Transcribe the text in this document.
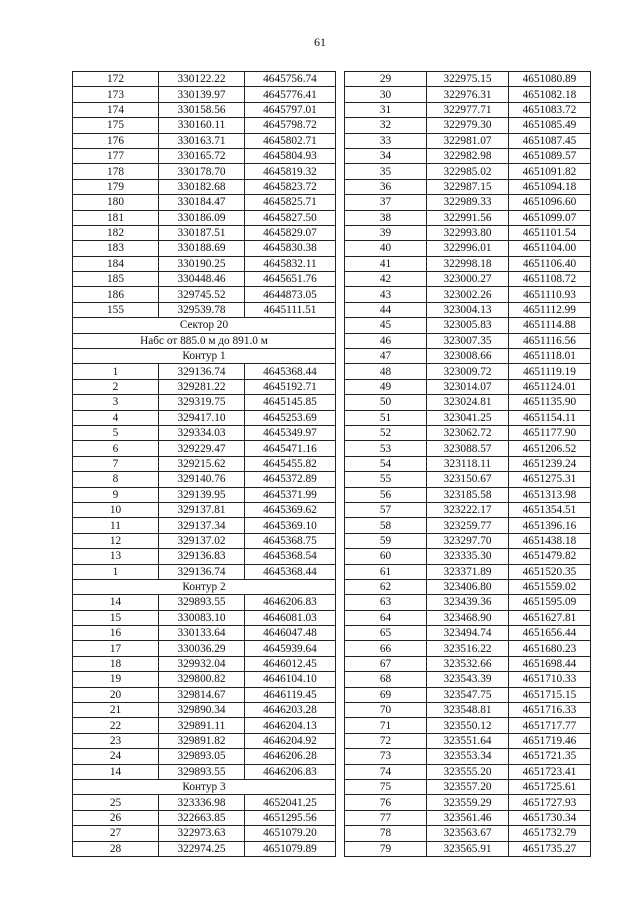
61
172	330122.22	4645756.74
173	330139.97	4645776.41
174	330158.56	4645797.01
175	330160.11	4645798.72
176	330163.71	4645802.71
177	330165.72	4645804.93
178	330178.70	4645819.32
179	330182.68	4645823.72
180	330184.47	4645825.71
181	330186.09	4645827.50
182	330187.51	4645829.07
183	330188.69	4645830.38
184	330190.25	4645832.11
185	330448.46	4645651.76
186	329745.52	4644873.05
155	329539.78	4645111.51
Сектор 20		
Набс от 885.0 м до 891.0 м		
Контур 1		
1	329136.74	4645368.44
2	329281.22	4645192.71
3	329319.75	4645145.85
4	329417.10	4645253.69
5	329334.03	4645349.97
6	329229.47	4645471.16
7	329215.62	4645455.82
8	329140.76	4645372.89
9	329139.95	4645371.99
10	329137.81	4645369.62
11	329137.34	4645369.10
12	329137.02	4645368.75
13	329136.83	4645368.54
1	329136.74	4645368.44
Контур 2		
14	329893.55	4646206.83
15	330083.10	4646081.03
16	330133.64	4646047.48
17	330036.29	4645939.64
18	329932.04	4646012.45
19	329800.82	4646104.10
20	329814.67	4646119.45
21	329890.34	4646203.28
22	329891.11	4646204.13
23	329891.82	4646204.92
24	329893.05	4646206.28
14	329893.55	4646206.83
Контур 3		
25	323336.98	4652041.25
26	322663.85	4651295.56
27	322973.63	4651079.20
28	322974.25	4651079.89
29	322975.15	4651080.89
30	322976.31	4651082.18
31	322977.71	4651083.72
32	322979.30	4651085.49
33	322981.07	4651087.45
34	322982.98	4651089.57
35	322985.02	4651091.82
36	322987.15	4651094.18
37	322989.33	4651096.60
38	322991.56	4651099.07
39	322993.80	4651101.54
40	322996.01	4651104.00
41	322998.18	4651106.40
42	323000.27	4651108.72
43	323002.26	4651110.93
44	323004.13	4651112.99
45	323005.83	4651114.88
46	323007.35	4651116.56
47	323008.66	4651118.01
48	323009.72	4651119.19
49	323014.07	4651124.01
50	323024.81	4651135.90
51	323041.25	4651154.11
52	323062.72	4651177.90
53	323088.57	4651206.52
54	323118.11	4651239.24
55	323150.67	4651275.31
56	323185.58	4651313.98
57	323222.17	4651354.51
58	323259.77	4651396.16
59	323297.70	4651438.18
60	323335.30	4651479.82
61	323371.89	4651520.35
62	323406.80	4651559.02
63	323439.36	4651595.09
64	323468.90	4651627.81
65	323494.74	4651656.44
66	323516.22	4651680.23
67	323532.66	4651698.44
68	323543.39	4651710.33
69	323547.75	4651715.15
70	323548.81	4651716.33
71	323550.12	4651717.77
72	323551.64	4651719.46
73	323553.34	4651721.35
74	323555.20	4651723.41
75	323557.20	4651725.61
76	323559.29	4651727.93
77	323561.46	4651730.34
78	323563.67	4651732.79
79	323565.91	4651735.27
